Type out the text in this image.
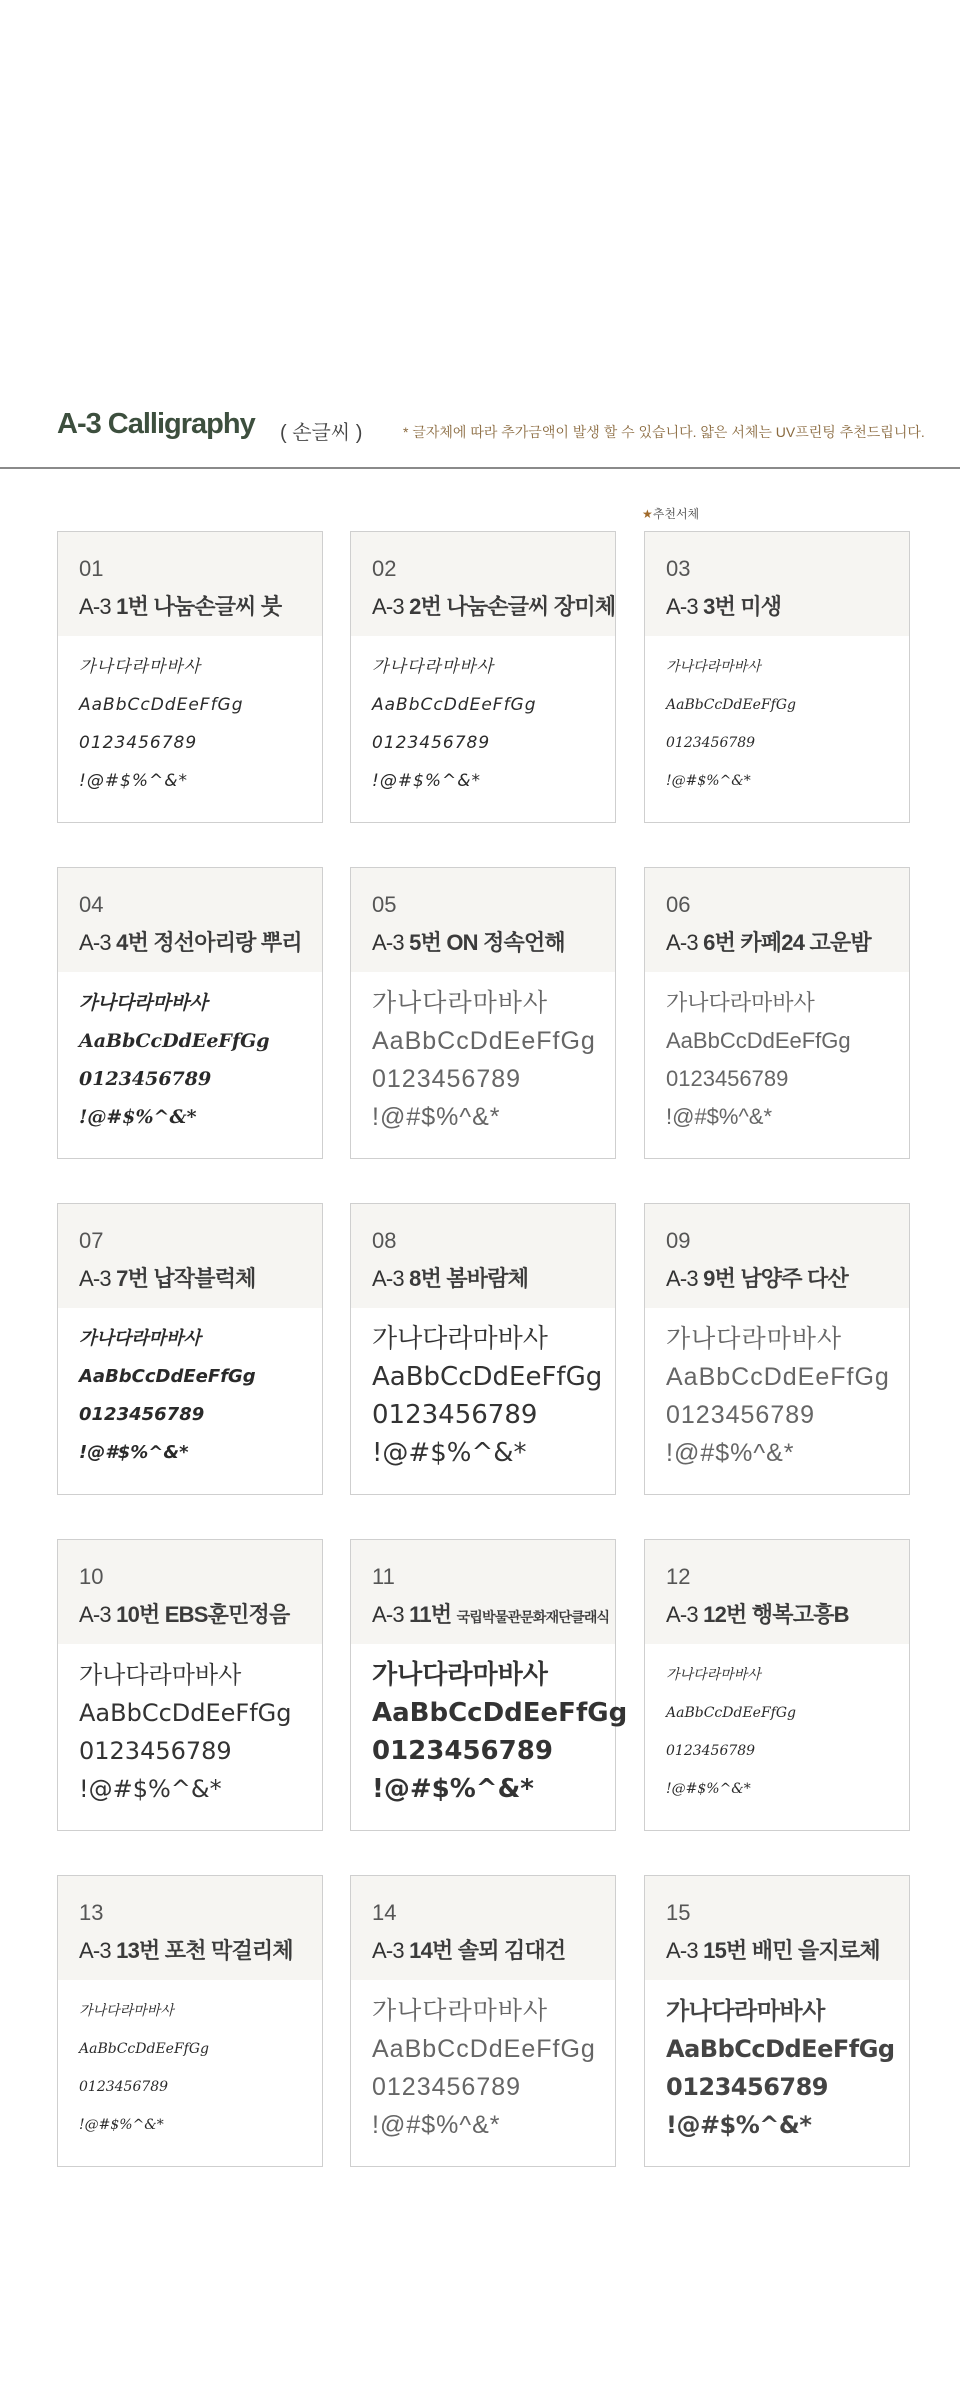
A-3 Calligraphy ( 손글씨 )	* 글자체에 따라 추가금액이 발생 할 수 있습니다. 얇은 서체는 UV프린팅 추천드립니다.
★추천서체
01
A-3 1번 나눔손글씨 붓
가나다라마바사
AaBbCcDdEeFfGg
0123456789
!@#$%^&*
02
A-3 2번 나눔손글씨 장미체
가나다라마바사
AaBbCcDdEeFfGg
0123456789
!@#$%^&*
03
A-3 3번 미생
가나다라마바사
AaBbCcDdEeFfGg
0123456789
!@#$%^&*
04
A-3 4번 정선아리랑 뿌리
가나다라마바사
AaBbCcDdEeFfGg
0123456789
!@#$%^&*
05
A-3 5번 ON 정속언해
가나다라마바사
AaBbCcDdEeFfGg
0123456789
!@#$%^&*
06
A-3 6번 카페24 고운밤
가나다라마바사
AaBbCcDdEeFfGg
0123456789
!@#$%^&*
07
A-3 7번 납작블럭체
가나다라마바사
AaBbCcDdEeFfGg
0123456789
!@#$%^&*
08
A-3 8번 봄바람체
가나다라마바사
AaBbCcDdEeFfGg
0123456789
!@#$%^&*
09
A-3 9번 남양주 다산
가나다라마바사
AaBbCcDdEeFfGg
0123456789
!@#$%^&*
10
A-3 10번 EBS훈민정음
가나다라마바사
AaBbCcDdEeFfGg
0123456789
!@#$%^&*
11
A-3 11번 국립박물관문화재단클래식
가나다라마바사
AaBbCcDdEeFfGg
0123456789
!@#$%^&*
12
A-3 12번 행복고흥B
가나다라마바사
AaBbCcDdEeFfGg
0123456789
!@#$%^&*
13
A-3 13번 포천 막걸리체
가나다라마바사
AaBbCcDdEeFfGg
0123456789
!@#$%^&*
14
A-3 14번 솔뫼 김대건
가나다라마바사
AaBbCcDdEeFfGg
0123456789
!@#$%^&*
15
A-3 15번 배민 을지로체
가나다라마바사
AaBbCcDdEeFfGg
0123456789
!@#$%^&*
